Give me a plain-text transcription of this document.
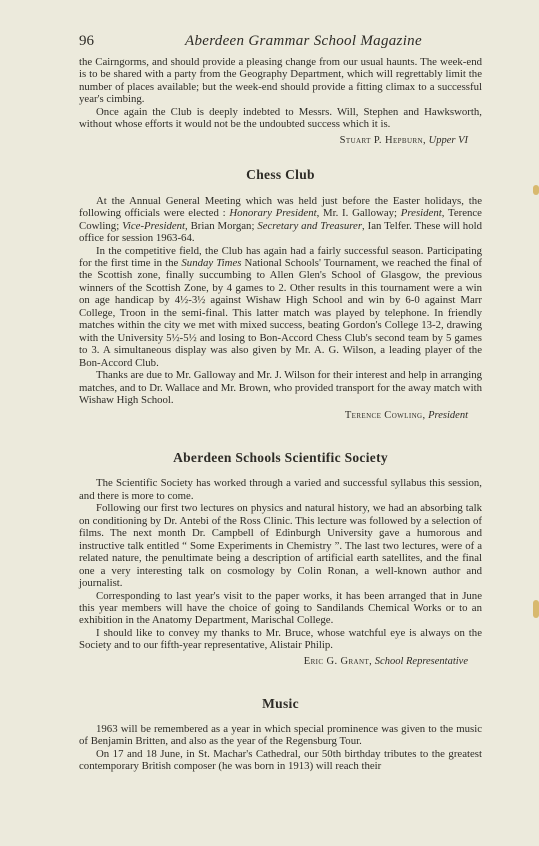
96	Aberdeen Grammar School Magazine

the Cairngorms, and should provide a pleasing change from our usual haunts. The week-end is to be shared with a party from the Geography Department, which will regrettably limit the number of places available; but the week-end should provide a fitting climax to a successful year's cimbing.

Once again the Club is deeply indebted to Messrs. Will, Stephen and Hawksworth, without whose efforts it would not be the undoubted success which it is.

Stuart P. Hepburn, Upper VI
Chess Club

At the Annual General Meeting which was held just before the Easter holidays, the following officials were elected : Honorary President, Mr. I. Galloway; President, Terence Cowling; Vice-President, Brian Morgan; Secretary and Treasurer, Ian Telfer. These will hold office for session 1963-64.

In the competitive field, the Club has again had a fairly successful season. Participating for the first time in the Sunday Times National Schools' Tournament, we reached the final of the Scottish zone, finally succumbing to Allen Glen's School of Glasgow, the previous winners of the Scottish Zone, by 4 games to 2. Other results in this tournament were a win on age handicap by 4½-3½ against Wishaw High School and win by 6-0 against Marr College, Troon in the semi-final. This latter match was played by telephone. In friendly matches within the city we met with mixed success, beating Gordon's College 13-2, drawing with the University 5½-5½ and losing to Bon-Accord Chess Club's second team by 5 games to 3. A simultaneous display was also given by Mr. A. G. Wilson, a leading player of the Bon-Accord Club.

Thanks are due to Mr. Galloway and Mr. J. Wilson for their interest and help in arranging matches, and to Dr. Wallace and Mr. Brown, who provided transport for the away match with Wishaw High School.

Terence Cowling, President
Aberdeen Schools Scientific Society

The Scientific Society has worked through a varied and successful syllabus this session, and there is more to come.

Following our first two lectures on physics and natural history, we had an absorbing talk on conditioning by Dr. Antebi of the Ross Clinic. This lecture was followed by a selection of films. The next month Dr. Campbell of Edinburgh University gave a humorous and instructive talk entitled “ Some Experiments in Chemistry ”. The last two lectures, were of a related nature, the penultimate being a description of artificial earth satellites, and the final one a very interesting talk on cosmology by Colin Ronan, a well-known author and journalist.

Corresponding to last year's visit to the paper works, it has been arranged that in June this year members will have the choice of going to Sandilands Chemical Works or to an exhibition in the Anatomy Department, Marischal College.

I should like to convey my thanks to Mr. Bruce, whose watchful eye is always on the Society and to our fifth-year representative, Alistair Philip.

Eric G. Grant, School Representative
Music

1963 will be remembered as a year in which special prominence was given to the music of Benjamin Britten, and also as the year of the Regensburg Tour.

On 17 and 18 June, in St. Machar's Cathedral, our 50th birthday tributes to the greatest contemporary British composer (he was born in 1913) will reach their
